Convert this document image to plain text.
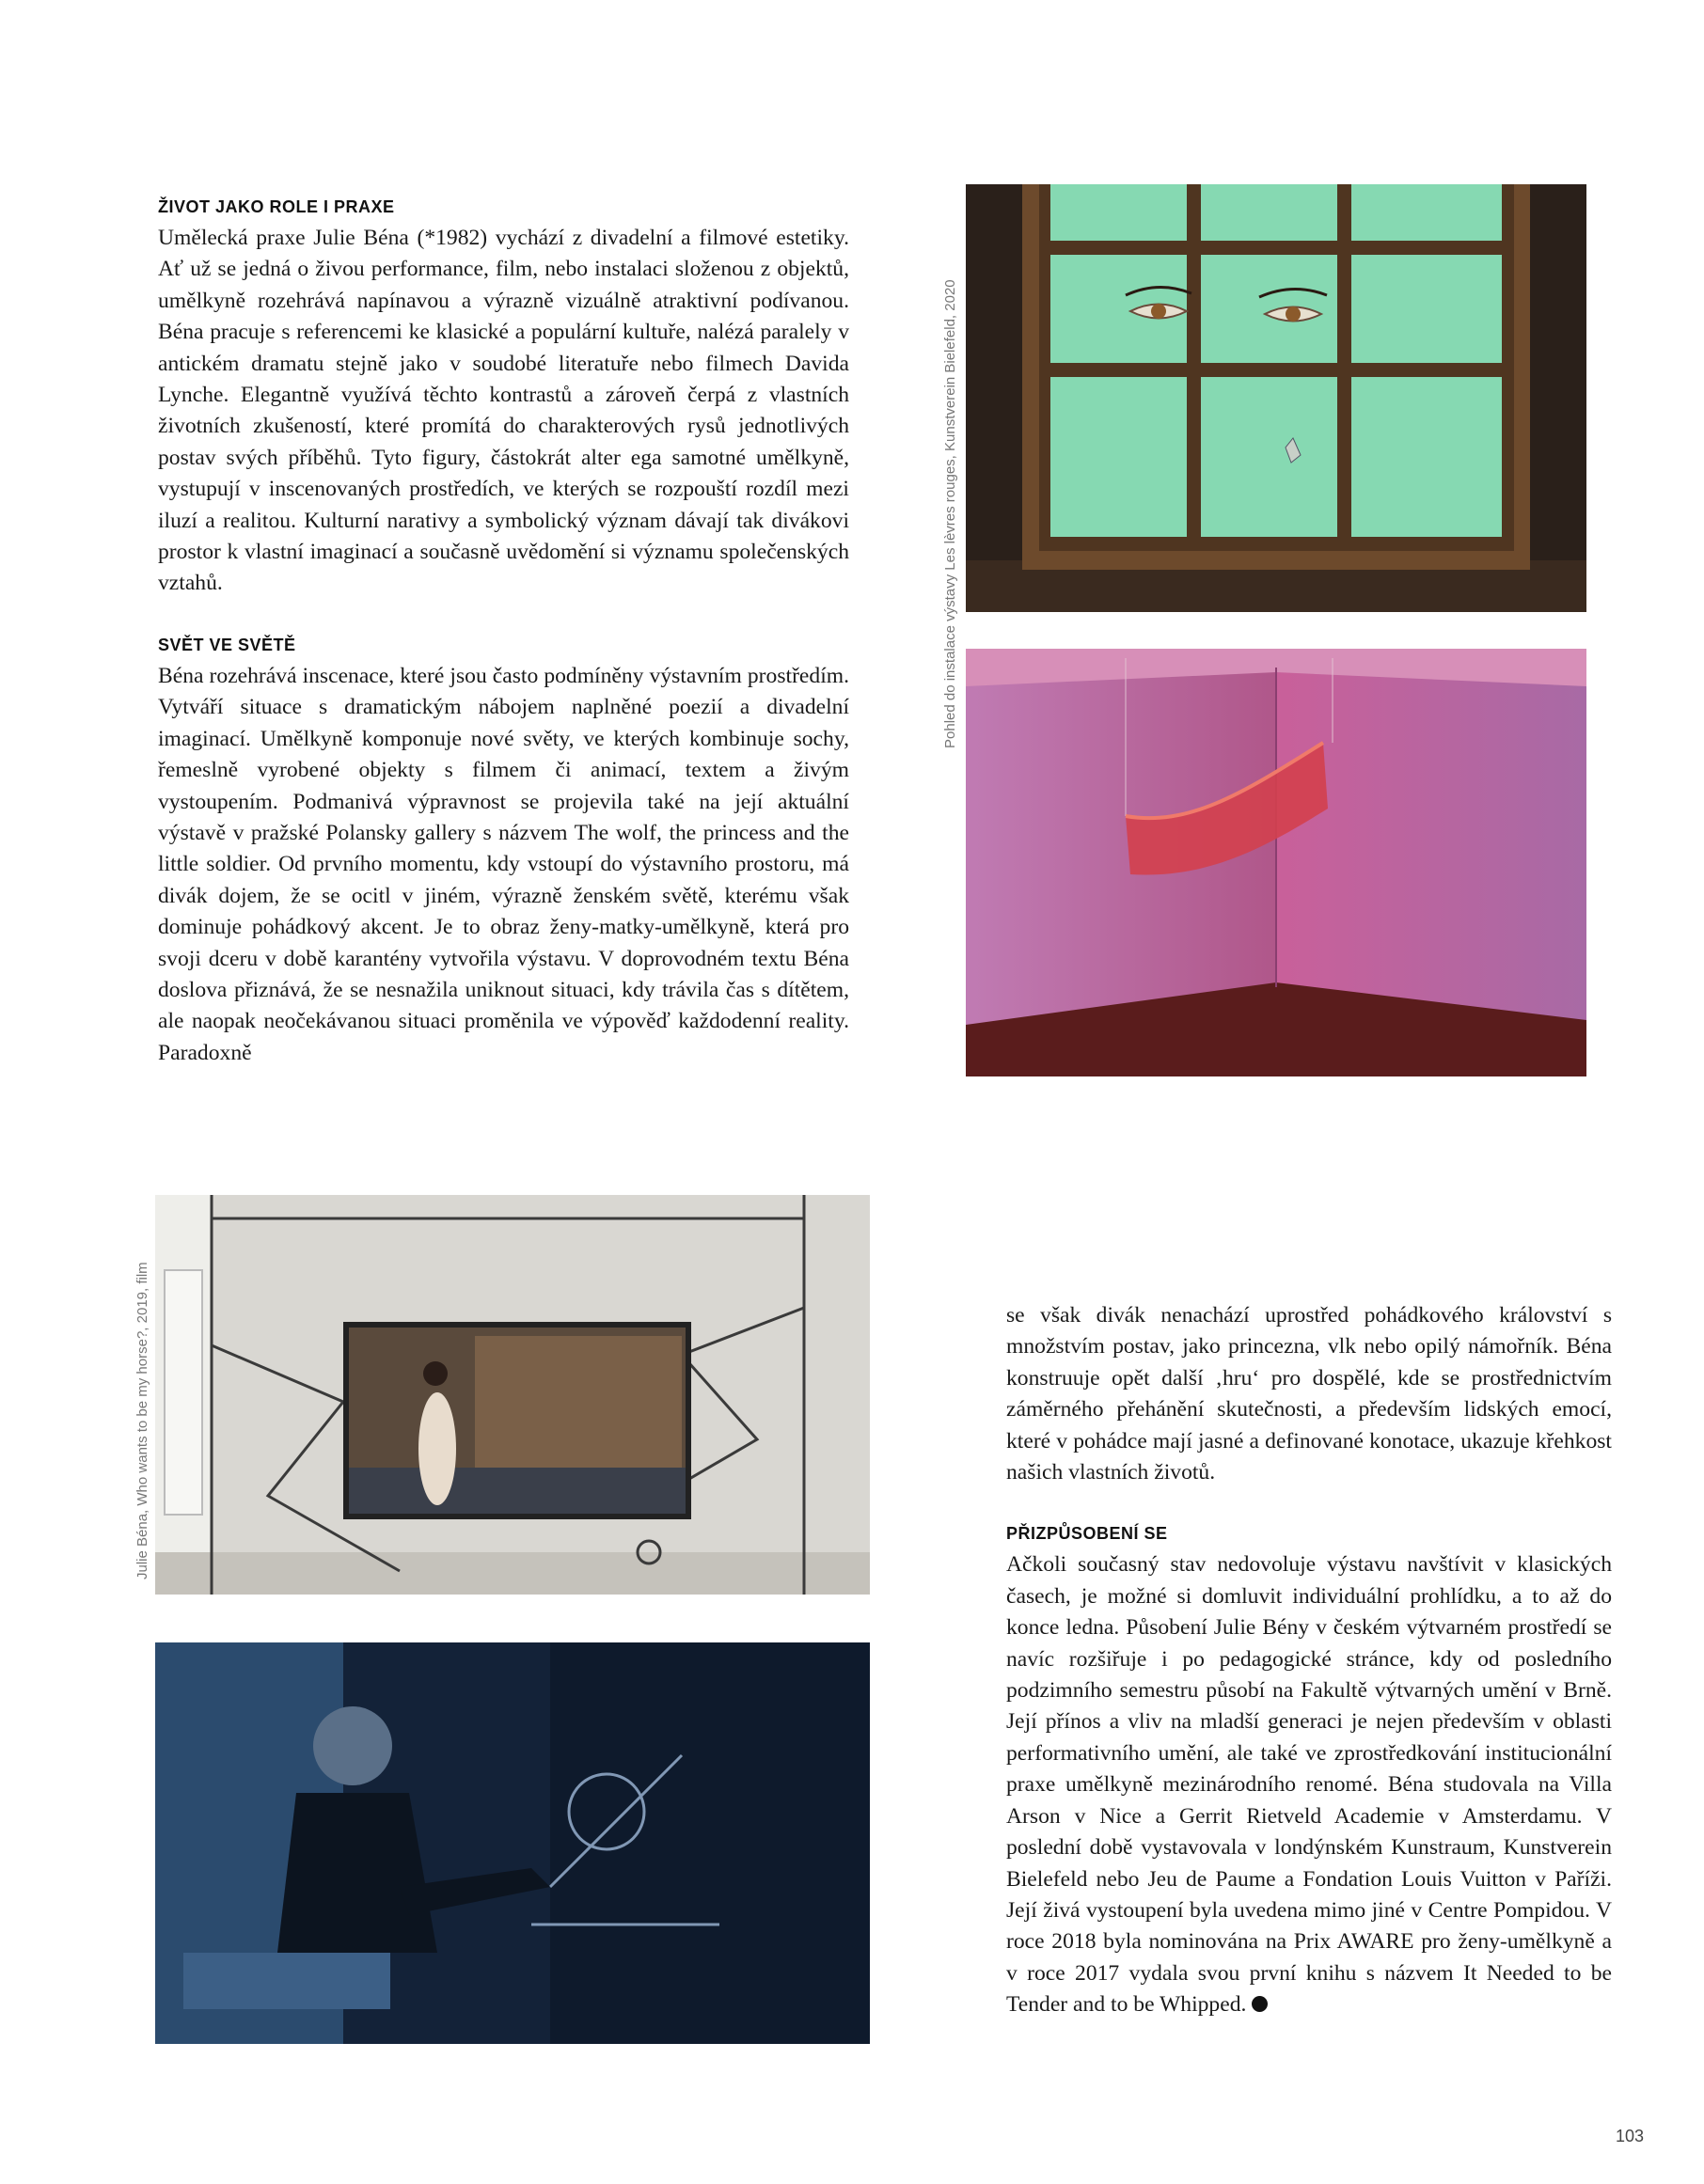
ŽIVOT JAKO ROLE I PRAXE

Umělecká praxe Julie Béna (*1982) vychází z divadelní a filmové estetiky. Ať už se jedná o živou performance, film, nebo instalaci složenou z objektů, umělkyně rozehrává napínavou a výrazně vizuálně atraktivní podívanou. Béna pracuje s referencemi ke klasické a populární kultuře, nalézá paralely v antickém dramatu stejně jako v soudobé literatuře nebo filmech Davida Lynche. Elegantně využívá těchto kontrastů a zároveň čerpá z vlastních životních zkušeností, které promítá do charakterových rysů jednotlivých postav svých příběhů. Tyto figury, částokrát alter ega samotné umělkyně, vystupují v inscenovaných prostředích, ve kterých se rozpouští rozdíl mezi iluzí a realitou. Kulturní narativy a symbolický význam dávají tak divákovi prostor k vlastní imaginací a současně uvědomění si významu společenských vztahů.

SVĚT VE SVĚTĚ

Béna rozehrává inscenace, které jsou často podmíněny výstavním prostředím. Vytváří situace s dramatickým nábojem naplněné poezií a divadelní imaginací. Umělkyně komponuje nové světy, ve kterých kombinuje sochy, řemeslně vyrobené objekty s filmem či animací, textem a živým vystoupením. Podmanivá výpravnost se projevila také na její aktuální výstavě v pražské Polansky gallery s názvem The wolf, the princess and the little soldier. Od prvního momentu, kdy vstoupí do výstavního prostoru, má divák dojem, že se ocitl v jiném, výrazně ženském světě, kterému však dominuje pohádkový akcent. Je to obraz ženy-matky-umělkyně, která pro svoji dceru v době karantény vytvořila výstavu. V doprovodném textu Béna doslova přiznává, že se nesnažila uniknout situaci, kdy trávila čas s dítětem, ale naopak neočekávanou situaci proměnila ve výpověď každodenní reality. Paradoxně

se však divák nenachází uprostřed pohádkového království s množstvím postav, jako princezna, vlk nebo opilý námořník. Béna konstruuje opět další ‚hru‘ pro dospělé, kde se prostřednictvím záměrného přehánění skutečnosti, a především lidských emocí, které v pohádce mají jasné a definované konotace, ukazuje křehkost našich vlastních životů.

PŘIZPŮSOBENÍ SE

Ačkoli současný stav nedovoluje výstavu navštívit v klasických časech, je možné si domluvit individuální prohlídku, a to až do konce ledna. Působení Julie Bény v českém výtvarném prostředí se navíc rozšiřuje i po pedagogické stránce, kdy od posledního podzimního semestru působí na Fakultě výtvarných umění v Brně. Její přínos a vliv na mladší generaci je nejen především v oblasti performativního umění, ale také ve zprostředkování institucionální praxe umělkyně mezinárodního renomé. Béna studovala na Villa Arson v Nice a Gerrit Rietveld Academie v Amsterdamu. V poslední době vystavovala v londýnském Kunstraum, Kunstverein Bielefeld nebo Jeu de Paume a Fondation Louis Vuitton v Paříži. Její živá vystoupení byla uvedena mimo jiné v Centre Pompidou. V roce 2018 byla nominována na Prix AWARE pro ženy-umělkyně a v roce 2017 vydala svou první knihu s názvem It Needed to be Tender and to be Whipped.

Pohled do instalace výstavy Les lèvres rouges, Kunstverein Bielefeld, 2020
Julie Béna, Who wants to be my horse?, 2019, film
103
